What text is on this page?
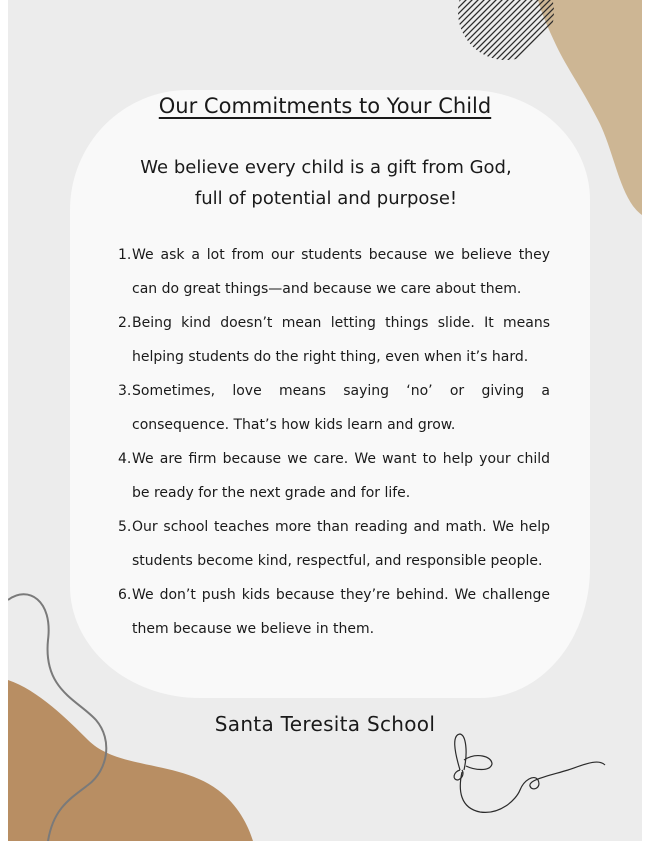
Our Commitments to Your Child
We believe every child is a gift from God,
full of potential and purpose!
1. We ask a lot from our students because we believe they can do great things—and because we care about them.
2. Being kind doesn’t mean letting things slide. It means helping students do the right thing, even when it’s hard.
3. Sometimes, love means saying ‘no’ or giving a consequence. That’s how kids learn and grow.
4. We are firm because we care. We want to help your child be ready for the next grade and for life.
5. Our school teaches more than reading and math. We help students become kind, respectful, and responsible people.
6. We don’t push kids because they’re behind. We challenge them because we believe in them.
Santa Teresita School
